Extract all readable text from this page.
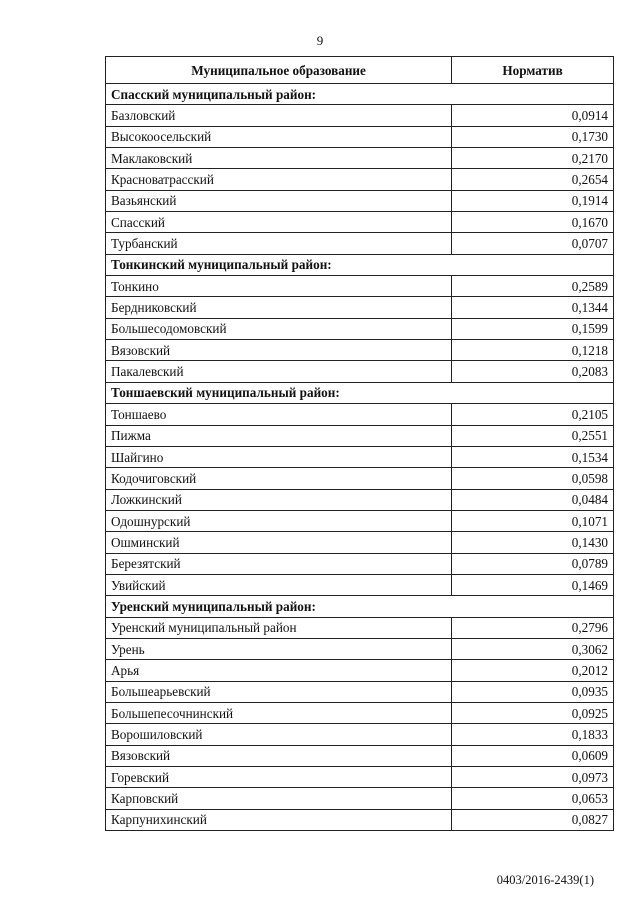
9
Муниципальное образование	Норматив
Спасский муниципальный район:	
Базловский	0,0914
Высокоосельский	0,1730
Маклаковский	0,2170
Красноватрасский	0,2654
Вазьянский	0,1914
Спасский	0,1670
Турбанский	0,0707
Тонкинский муниципальный район:	
Тонкино	0,2589
Бердниковский	0,1344
Большесодомовский	0,1599
Вязовский	0,1218
Пакалевский	0,2083
Тоншаевский муниципальный район:	
Тоншаево	0,2105
Пижма	0,2551
Шайгино	0,1534
Кодочиговский	0,0598
Ложкинский	0,0484
Одошнурский	0,1071
Ошминский	0,1430
Березятский	0,0789
Увийский	0,1469
Уренский муниципальный район:	
Уренский муниципальный район	0,2796
Урень	0,3062
Арья	0,2012
Большеарьевский	0,0935
Большепесочнинский	0,0925
Ворошиловский	0,1833
Вязовский	0,0609
Горевский	0,0973
Карповский	0,0653
Карпунихинский	0,0827
0403/2016-2439(1)
